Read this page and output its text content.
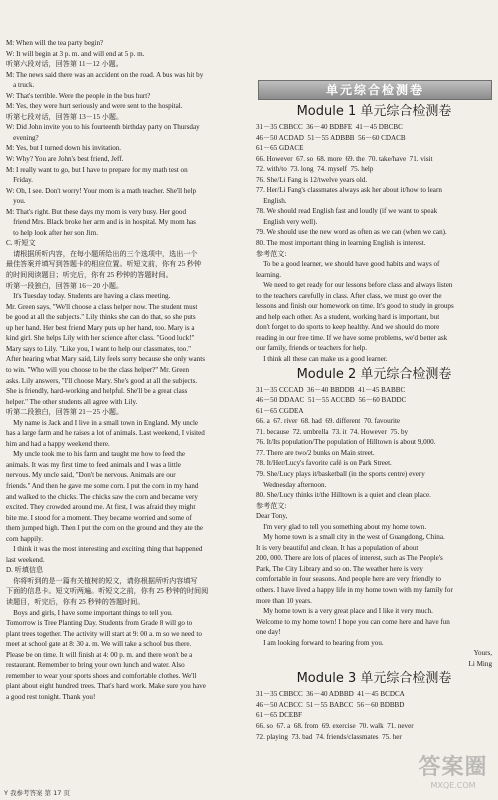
M: When will the tea party begin?

W: It will begin at 3 p. m. and will end at 5 p. m.

听第六段对话，回答第 11－12 小题。

M: The news said there was an accident on the road. A bus was hit by

a truck.

W: That's terrible. Were the people in the bus hurt?

M: Yes, they were hurt seriously and were sent to the hospital.

听第七段对话，回答第 13－15 小题。

W: Did John invite you to his fourteenth birthday party on Thursday

evening?

M: Yes, but I turned down his invitation.

W: Why? You are John's best friend, Jeff.

M: I really want to go, but I have to prepare for my math test on

Friday.

W: Oh, I see. Don't worry! Your mom is a math teacher. She'll help

you.

M: That's right. But these days my mom is very busy. Her good

friend Mrs. Black broke her arm and is in hospital. My mom has

to help look after her son Jim.

C. 听短文

请根据所听内容，在每小题所给出的三个选项中，选出一个

最佳答案并填写到答题卡的相应位置。听短文前，你有 25 秒钟

的时间阅读题目；听完后，你有 25 秒钟的答题时间。

听第一段独白，回答第 16－20 小题。

It's Tuesday today. Students are having a class meeting.

Mr. Green says, "We'll choose a class helper now. The student must

be good at all the subjects." Lily thinks she can do that, so she puts

up her hand. Her best friend Mary puts up her hand, too. Mary is a

kind girl. She helps Lily with her science after class. "Good luck!"

Mary says to Lily. "Like you, I want to help our classmates, too."

After hearing what Mary said, Lily feels sorry because she only wants

to win. "Who will you choose to be the class helper?" Mr. Green

asks. Lily answers, "I'll choose Mary. She's good at all the subjects.

She is friendly, hard-working and helpful. She'll be a great class

helper." The other students all agree with Lily.

听第二段独白，回答第 21－25 小题。

My name is Jack and I live in a small town in England. My uncle

has a large farm and he raises a lot of animals. Last weekend, I visited

him and had a happy weekend there.

My uncle took me to his farm and taught me how to feed the

animals. It was my first time to feed animals and I was a little

nervous. My uncle said, "Don't be nervous. Animals are our

friends." And then he gave me some corn. I put the corn in my hand

and walked to the chicks. The chicks saw the corn and became very

excited. They crowded around me. At first, I was afraid they might

bite me. I stood for a moment. They became worried and some of

them jumped high. Then I put the corn on the ground and they ate the

corn happily.

I think it was the most interesting and exciting thing that happened

last weekend.

D. 听填信息

你将听到的是一篇有关植树的短文，请你根据所听内容填写

下面的信息卡。短文听两遍。听短文之前，你有 25 秒钟的时间阅

读题目，听完后，你有 25 秒钟的答题时间。

Boys and girls, I have some important things to tell you.

Tomorrow is Tree Planting Day. Students from Grade 8 will go to

plant trees together. The activity will start at 9: 00 a. m so we need to

meet at school gate at 8: 30 a. m. We will take a school bus there.

Please be on time. It will finish at 4: 00 p. m. and there won't be a

restaurant. Remember to bring your own lunch and water. Also

remember to wear your sports shoes and comfortable clothes. We'll

plant about eight hundred trees. That's hard work. Make sure you have

a good rest tonight. Thank you!

单元综合检测卷

Module 1 单元综合检测卷

31－35 CBBCC  36－40 BDBFE  41－45 DBCBC

46－50 ACDAD  51－55 ADBBB  56－60 CDACB

61－65 GDACE

66. However  67. so  68. more  69. the  70. take/have  71. visit

72. with/to  73. long  74. myself  75. help

76. She/Li Fang is 12/twelve years old.

77. Her/Li Fang's classmates always ask her about it/how to learn

English.

78. We should read English fast and loudly (if we want to speak

English very well).

79. We should use the new word as often as we can (when we can).

80. The most important thing in learning English is interest.

参考范文:

To be a good learner, we should have good habits and ways of

learning.

We need to get ready for our lessons before class and always listen

to the teachers carefully in class. After class, we must go over the

lessons and finish our homework on time. It's good to study in groups

and help each other. As a student, working hard is important, but

don't forget to do sports to keep healthy. And we should do more

reading in our free time. If we have some problems, we'd better ask

our family, friends or teachers for help.

I think all these can make us a good learner.

Module 2 单元综合检测卷

31－35 CCCAD  36－40 BBDDB  41－45 BABBC

46－50 DDAAC  51－55 ACCBD  56－60 BADDC

61－65 CGDEA

66. a  67. river  68. had  69. different  70. favourite

71. because  72. umbrella  73. it  74. However  75. by

76. It/Its population/The population of Hilltown is about 9,000.

77. There are two/2 bunks on Main street.

78. It/Her/Lucy's favorite café is on Park Street.

79. She/Lucy plays it/basketball (in the sports centre) every

Wednesday afternoon.

80. She/Lucy thinks it/the Hilltown is a quiet and clean place.

参考范文:

Dear Tony,

I'm very glad to tell you something about my home town.

My home town is a small city in the west of Guangdong, China.

It is very beautiful and clean. It has a population of about

200, 000. There are lots of places of interest, such as The People's

Park, The City Library and so on. The weather here is very

comfortable in four seasons. And people here are very friendly to

others. I have lived a happy life in my home town with my family for

more than 10 years.

My home town is a very great place and I like it very much.

Welcome to my home town! I hope you can come here and have fun

one day!

I am looking forward to hearing from you.

Yours,

Li Ming

Module 3 单元综合检测卷

31－35 CBBCC  36－40 ADBBD  41－45 BCDCA

46－50 ACBCC  51－55 BABCC  56－60 BDBBD

61－65 DCEBF

66. so  67. a  68. from  69. exercise  70. walk  71. never

72. playing  73. bad  74. friends/classmates  75. her

Y 我参考答案 第 17 页
答案圈
MXQE.COM
